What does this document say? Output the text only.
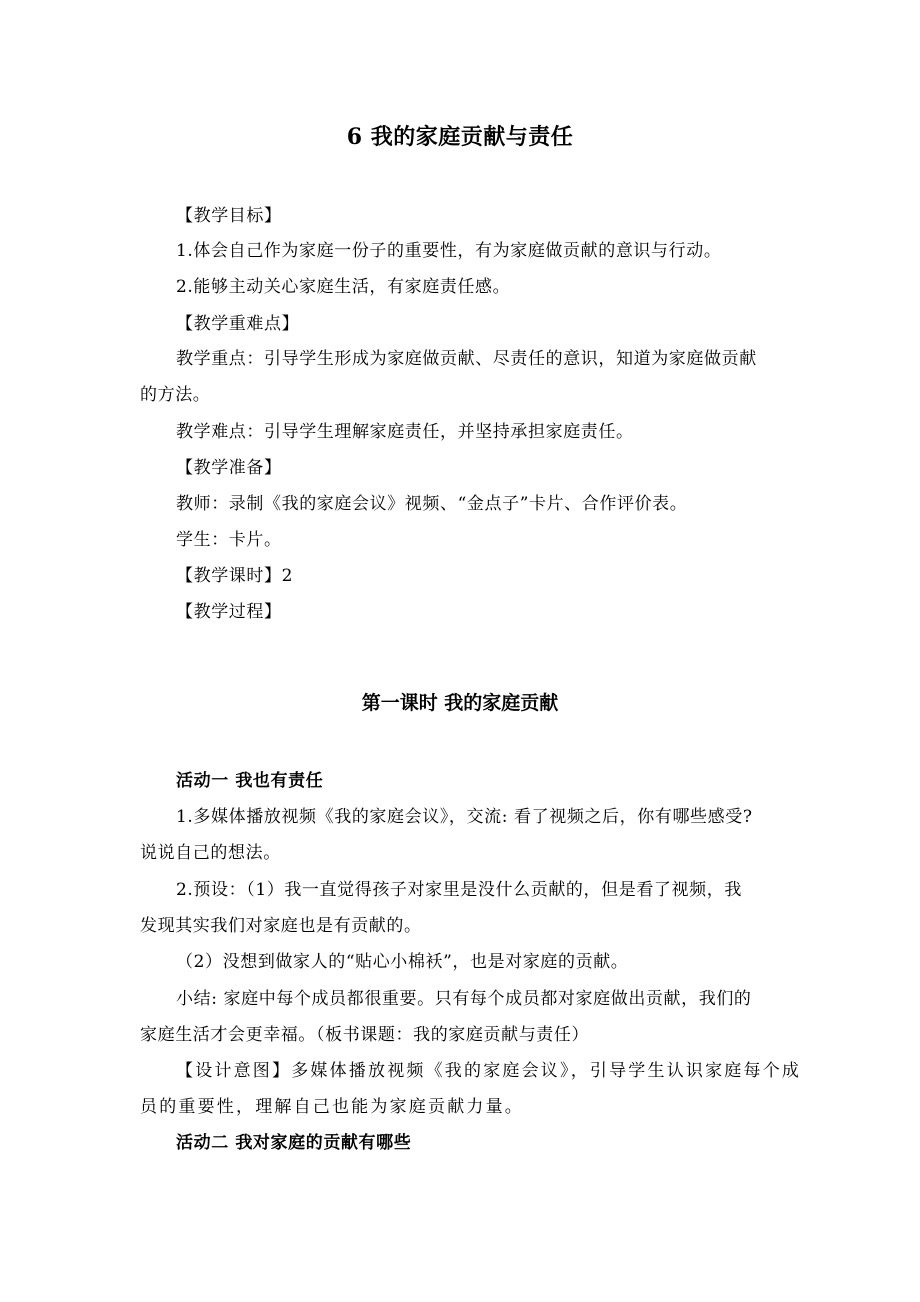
6 我的家庭贡献与责任
【教学目标】
1.体会自己作为家庭一份子的重要性，有为家庭做贡献的意识与行动。
2.能够主动关心家庭生活，有家庭责任感。
【教学重难点】
教学重点：引导学生形成为家庭做贡献、尽责任的意识，知道为家庭做贡献
的方法。
教学难点：引导学生理解家庭责任，并坚持承担家庭责任。
【教学准备】
教师：录制《我的家庭会议》视频、“金点子”卡片、合作评价表。
学生：卡片。
【教学课时】2
【教学过程】
第一课时 我的家庭贡献
活动一 我也有责任
1.多媒体播放视频《我的家庭会议》，交流: 看了视频之后，你有哪些感受?
说说自己的想法。
2.预设：（1）我一直觉得孩子对家里是没什么贡献的，但是看了视频，我
发现其实我们对家庭也是有贡献的。
（2）没想到做家人的“贴心小棉袄”，也是对家庭的贡献。
小结: 家庭中每个成员都很重要。只有每个成员都对家庭做出贡献，我们的
家庭生活才会更幸福。（板书课题：我的家庭贡献与责任）
【设计意图】多媒体播放视频《我的家庭会议》，引导学生认识家庭每个成
员的重要性，理解自己也能为家庭贡献力量。
活动二 我对家庭的贡献有哪些
